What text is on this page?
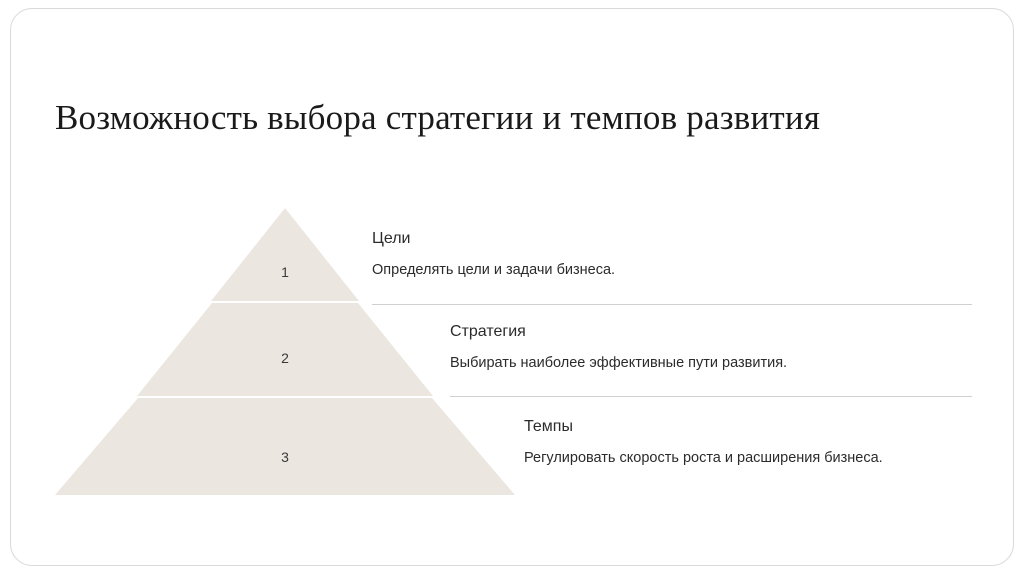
Возможность выбора стратегии и темпов развития
1
2
3
Цели
Определять цели и задачи бизнеса.
Стратегия
Выбирать наиболее эффективные пути развития.
Темпы
Регулировать скорость роста и расширения бизнеса.
